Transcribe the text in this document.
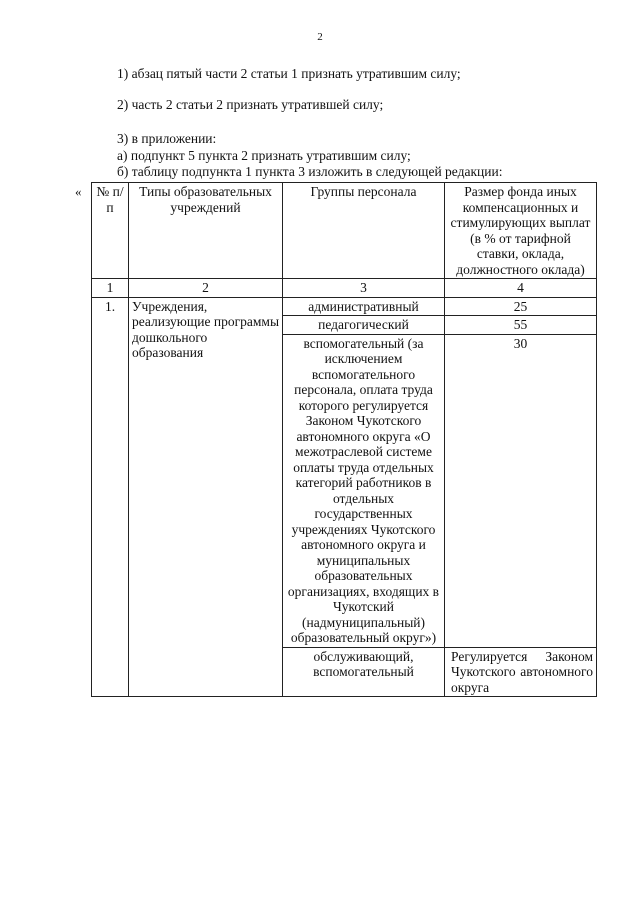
2
1) абзац пятый части 2 статьи 1 признать утратившим силу;
2) часть 2 статьи 2 признать утратившей силу;
3) в приложении:
а) подпункт 5 пункта 2 признать утратившим силу;
б) таблицу подпункта 1 пункта 3 изложить в следующей редакции:
« № п/п	Типы образовательных учреждений	Группы персонала	Размер фонда иных компенсационных и стимулирующих выплат (в % от тарифной ставки, оклада, должностного оклада)
1	2	3	4
1.	Учреждения, реализующие программы дошкольного образования	административный	25
		педагогический	55
		вспомогательный (за исключением вспомогательного персонала, оплата труда которого регулируется Законом Чукотского автономного округа «О межотраслевой системе оплаты труда отдельных категорий работников в отдельных государственных учреждениях Чукотского автономного округа и муниципальных образовательных организациях, входящих в Чукотский (надмуниципальный) образовательный округ»)	30
		обслуживающий, вспомогательный	Регулируется Законом Чукотского автономного округа
